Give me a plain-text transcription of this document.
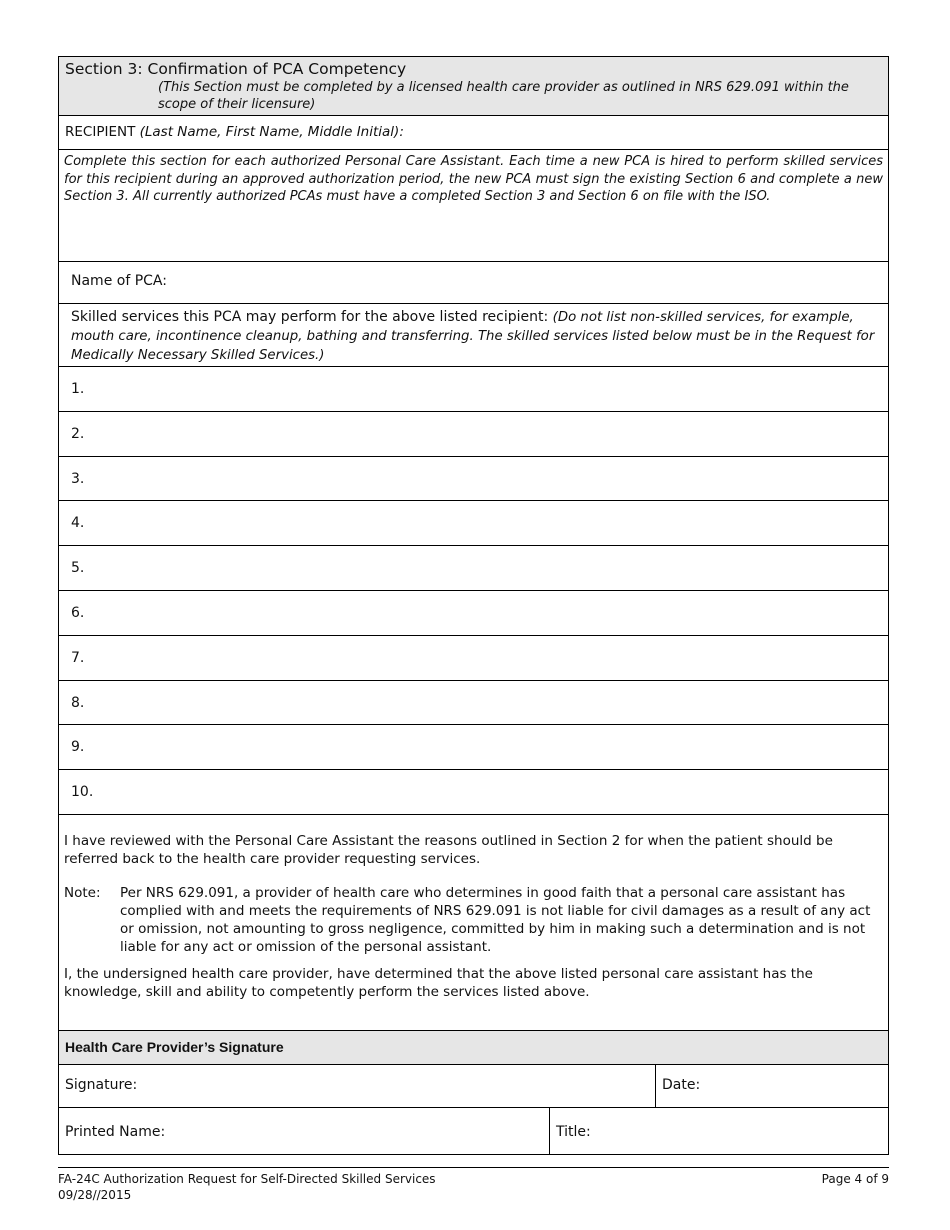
Section 3: Confirmation of PCA Competency
(This Section must be completed by a licensed health care provider as outlined in NRS 629.091 within the scope of their licensure)
RECIPIENT (Last Name, First Name, Middle Initial):
Complete this section for each authorized Personal Care Assistant. Each time a new PCA is hired to perform skilled services for this recipient during an approved authorization period, the new PCA must sign the existing Section 6 and complete a new Section 3. All currently authorized PCAs must have a completed Section 3 and Section 6 on file with the ISO.
Name of PCA:
Skilled services this PCA may perform for the above listed recipient: (Do not list non-skilled services, for example, mouth care, incontinence cleanup, bathing and transferring. The skilled services listed below must be in the Request for Medically Necessary Skilled Services.)
1.
2.
3.
4.
5.
6.
7.
8.
9.
10.

I have reviewed with the Personal Care Assistant the reasons outlined in Section 2 for when the patient should be referred back to the health care provider requesting services.

Note:	Per NRS 629.091, a provider of health care who determines in good faith that a personal care assistant has complied with and meets the requirements of NRS 629.091 is not liable for civil damages as a result of any act or omission, not amounting to gross negligence, committed by him in making such a determination and is not liable for any act or omission of the personal assistant.

I, the undersigned health care provider, have determined that the above listed personal care assistant has the knowledge, skill and ability to competently perform the services listed above.

Health Care Provider’s Signature
Signature:	Date:
Printed Name:	Title:
FA-24C Authorization Request for Self-Directed Skilled Services
09/28//2015
Page 4 of 9
